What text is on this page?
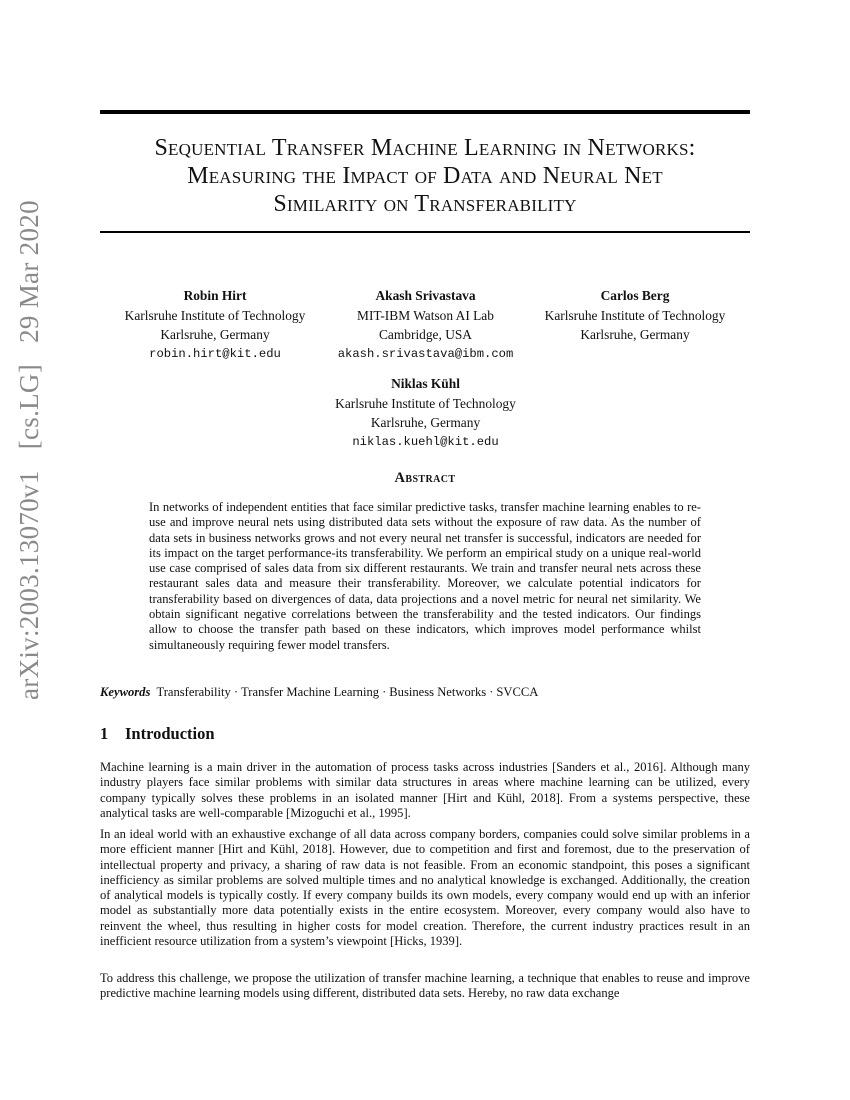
arXiv:2003.13070v1 [cs.LG] 29 Mar 2020
Sequential Transfer Machine Learning in Networks:
Measuring the Impact of Data and Neural Net
Similarity on Transferability
Robin Hirt
Karlsruhe Institute of Technology
Karlsruhe, Germany
robin.hirt@kit.edu
Akash Srivastava
MIT-IBM Watson AI Lab
Cambridge, USA
akash.srivastava@ibm.com
Carlos Berg
Karlsruhe Institute of Technology
Karlsruhe, Germany
Niklas Kühl
Karlsruhe Institute of Technology
Karlsruhe, Germany
niklas.kuehl@kit.edu
Abstract

In networks of independent entities that face similar predictive tasks, transfer machine learning enables to re-use and improve neural nets using distributed data sets without the exposure of raw data. As the number of data sets in business networks grows and not every neural net transfer is successful, indicators are needed for its impact on the target performance-its transferability. We perform an empirical study on a unique real-world use case comprised of sales data from six different restaurants. We train and transfer neural nets across these restaurant sales data and measure their transferability. Moreover, we calculate potential indicators for transferability based on divergences of data, data projections and a novel metric for neural net similarity. We obtain significant negative correlations between the transferability and the tested indicators. Our findings allow to choose the transfer path based on these indicators, which improves model performance whilst simultaneously requiring fewer model transfers.

Keywords Transferability · Transfer Machine Learning · Business Networks · SVCCA
1 Introduction

Machine learning is a main driver in the automation of process tasks across industries [Sanders et al., 2016]. Although many industry players face similar problems with similar data structures in areas where machine learning can be utilized, every company typically solves these problems in an isolated manner [Hirt and Kühl, 2018]. From a systems perspective, these analytical tasks are well-comparable [Mizoguchi et al., 1995].

In an ideal world with an exhaustive exchange of all data across company borders, companies could solve similar problems in a more efficient manner [Hirt and Kühl, 2018]. However, due to competition and first and foremost, due to the preservation of intellectual property and privacy, a sharing of raw data is not feasible. From an economic standpoint, this poses a significant inefficiency as similar problems are solved multiple times and no analytical knowledge is exchanged. Additionally, the creation of analytical models is typically costly. If every company builds its own models, every company would end up with an inferior model as substantially more data potentially exists in the entire ecosystem. Moreover, every company would also have to reinvent the wheel, thus resulting in higher costs for model creation. Therefore, the current industry practices result in an inefficient resource utilization from a system’s viewpoint [Hicks, 1939].

To address this challenge, we propose the utilization of transfer machine learning, a technique that enables to reuse and improve predictive machine learning models using different, distributed data sets. Hereby, no raw data exchange
